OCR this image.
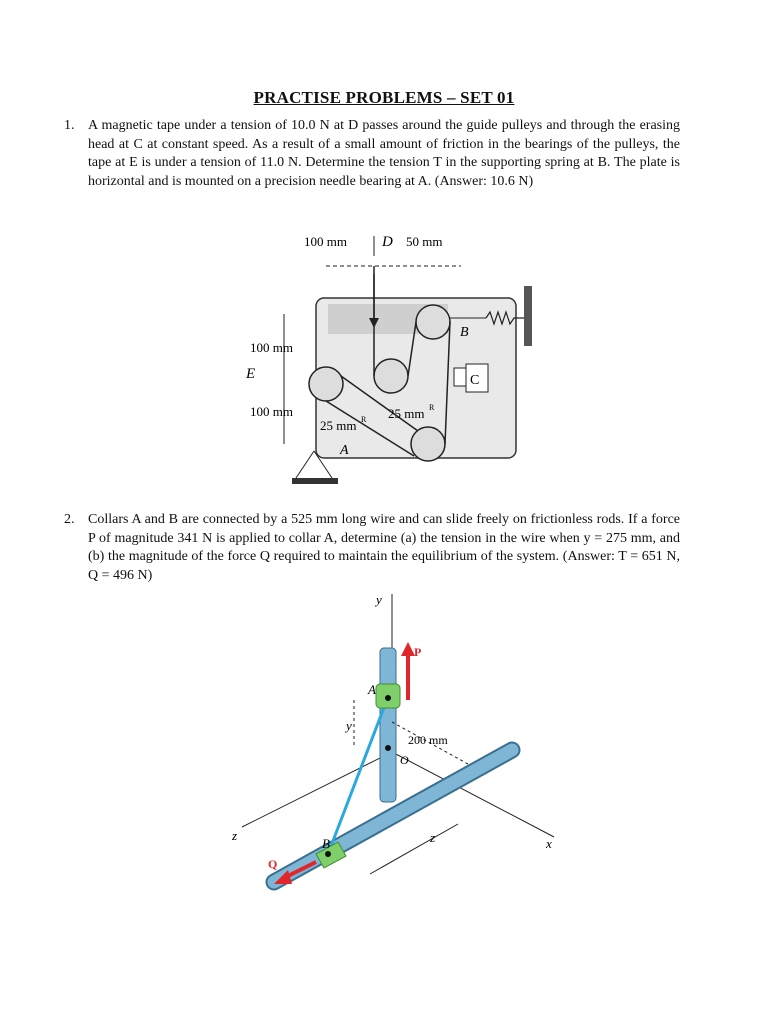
PRACTISE PROBLEMS – SET 01
1. A magnetic tape under a tension of 10.0 N at D passes around the guide pulleys and through the erasing head at C at constant speed. As a result of a small amount of friction in the bearings of the pulleys, the tape at E is under a tension of 11.0 N. Determine the tension T in the supporting spring at B. The plate is horizontal and is mounted on a precision needle bearing at A. (Answer: 10.6 N)
C
B
A
100 mm D 50 mm
100 mm
E
100 mm
25 mm R 25 mm R
2. Collars A and B are connected by a 525 mm long wire and can slide freely on frictionless rods. If a force P of magnitude 341 N is applied to collar A, determine (a) the tension in the wire when y = 275 mm, and (b) the magnitude of the force Q required to maintain the equilibrium of the system. (Answer: T = 651 N, Q = 496 N)
y
x
z
A
P
B
Q
O
y
200 mm
z
